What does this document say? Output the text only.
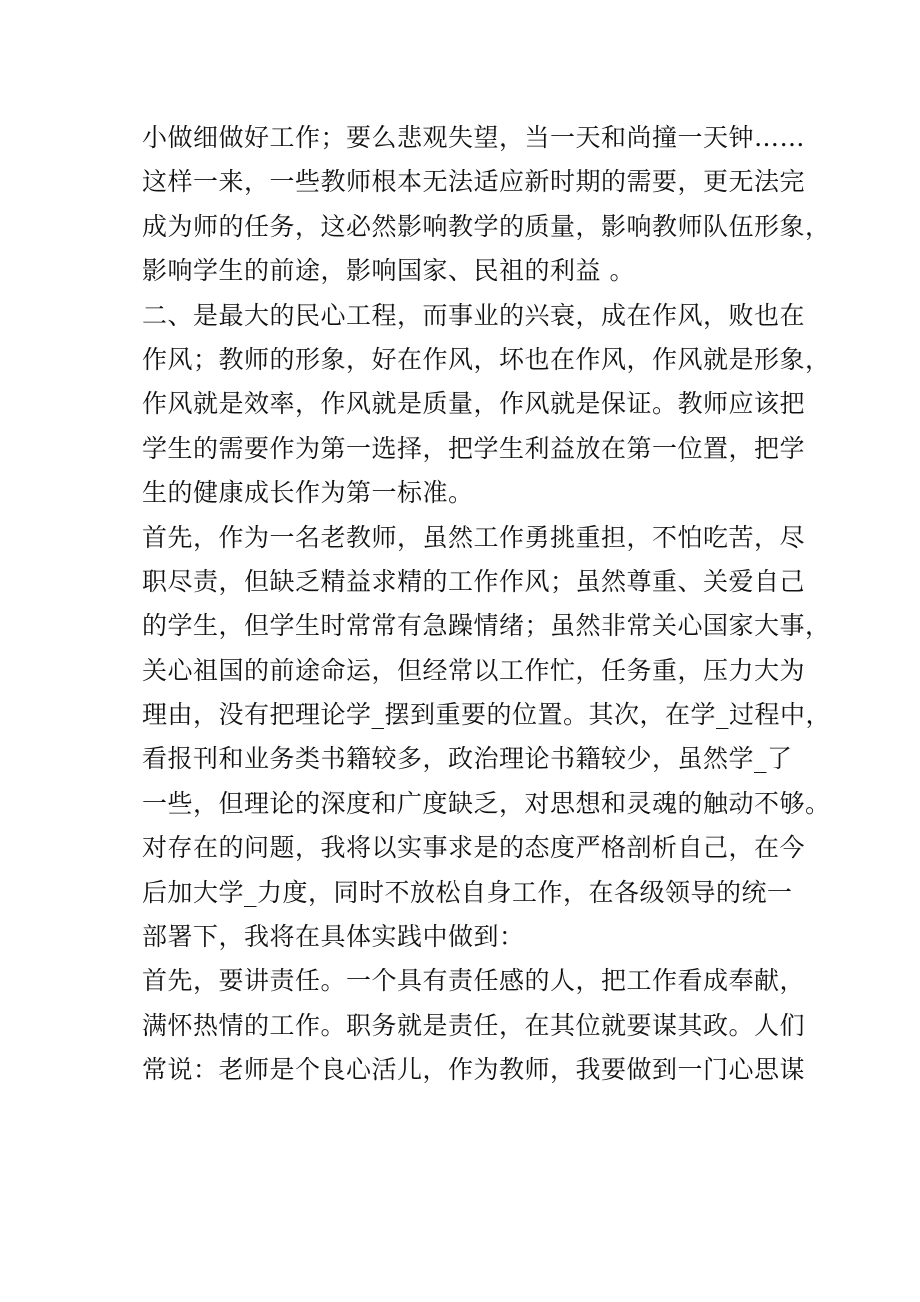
小做细做好工作；要么悲观失望，当一天和尚撞一天钟……
这样一来，一些教师根本无法适应新时期的需要，更无法完
成为师的任务，这必然影响教学的质量，影响教师队伍形象，
影响学生的前途，影响国家、民祖的利益 。
二、是最大的民心工程，而事业的兴衰，成在作风，败也在
作风；教师的形象，好在作风，坏也在作风，作风就是形象，
作风就是效率，作风就是质量，作风就是保证。教师应该把
学生的需要作为第一选择，把学生利益放在第一位置，把学
生的健康成长作为第一标准。
首先，作为一名老教师，虽然工作勇挑重担，不怕吃苦，尽
职尽责，但缺乏精益求精的工作作风；虽然尊重、关爱自己
的学生，但学生时常常有急躁情绪；虽然非常关心国家大事，
关心祖国的前途命运，但经常以工作忙，任务重，压力大为
理由，没有把理论学_摆到重要的位置。其次，在学_过程中，
看报刊和业务类书籍较多，政治理论书籍较少，虽然学_了
一些，但理论的深度和广度缺乏，对思想和灵魂的触动不够。
对存在的问题，我将以实事求是的态度严格剖析自己，在今
后加大学_力度，同时不放松自身工作，在各级领导的统一
部署下，我将在具体实践中做到：
首先，要讲责任。一个具有责任感的人，把工作看成奉献，
满怀热情的工作。职务就是责任，在其位就要谋其政。人们
常说：老师是个良心活儿，作为教师，我要做到一门心思谋
